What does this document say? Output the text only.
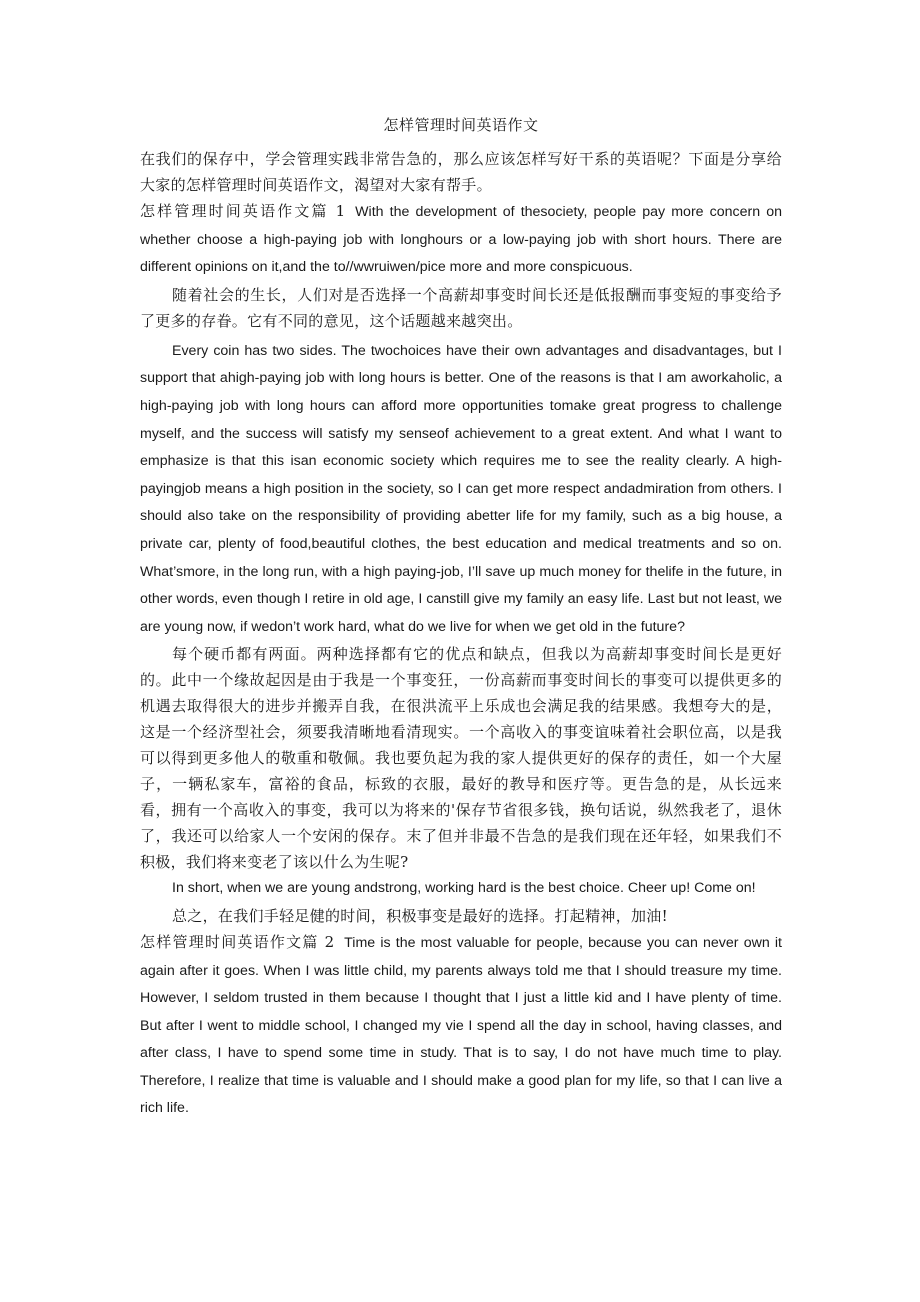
怎样管理时间英语作文

在我们的保存中，学会管理实践非常告急的，那么应该怎样写好干系的英语呢？下面是分享给大家的怎样管理时间英语作文，渴望对大家有帮手。

怎样管理时间英语作文篇 1 With the development of thesociety, people pay more concern on whether choose a high-paying job with longhours or a low-paying job with short hours. There are different opinions on it,and the to//wwruiwen/pice more and more conspicuous.

随着社会的生长，人们对是否选择一个高薪却事变时间长还是低报酬而事变短的事变给予了更多的存眷。它有不同的意见，这个话题越来越突出。

Every coin has two sides. The twochoices have their own advantages and disadvantages, but I support that ahigh-paying job with long hours is better. One of the reasons is that I am aworkaholic, a high-paying job with long hours can afford more opportunities tomake great progress to challenge myself, and the success will satisfy my senseof achievement to a great extent. And what I want to emphasize is that this isan economic society which requires me to see the reality clearly. A high-payingjob means a high position in the society, so I can get more respect andadmiration from others. I should also take on the responsibility of providing abetter life for my family, such as a big house, a private car, plenty of food,beautiful clothes, the best education and medical treatments and so on. What’smore, in the long run, with a high paying-job, I’ll save up much money for thelife in the future, in other words, even though I retire in old age, I canstill give my family an easy life. Last but not least, we are young now, if wedon’t work hard, what do we live for when we get old in the future?

每个硬币都有两面。两种选择都有它的优点和缺点，但我以为高薪却事变时间长是更好的。此中一个缘故起因是由于我是一个事变狂，一份高薪而事变时间长的事变可以提供更多的机遇去取得很大的进步并搬弄自我，在很洪流平上乐成也会满足我的结果感。我想夸大的是，这是一个经济型社会，须要我清晰地看清现实。一个高收入的事变谊味着社会职位高，以是我可以得到更多他人的敬重和敬佩。我也要负起为我的家人提供更好的保存的责任，如一个大屋子，一辆私家车，富裕的食品，标致的衣服，最好的教导和医疗等。更告急的是，从长远来看，拥有一个高收入的事变，我可以为将来的'保存节省很多钱，换句话说，纵然我老了，退休了，我还可以给家人一个安闲的保存。末了但并非最不告急的是我们现在还年轻，如果我们不积极，我们将来变老了该以什么为生呢?

In short, when we are young andstrong, working hard is the best choice. Cheer up! Come on!

总之，在我们手轻足健的时间，积极事变是最好的选择。打起精神，加油!

怎样管理时间英语作文篇 2 Time is the most valuable for people, because you can never own it again after it goes. When I was little child, my parents always told me that I should treasure my time. However, I seldom trusted in them because I thought that I just a little kid and I have plenty of time. But after I went to middle school, I changed my vie I spend all the day in school, having classes, and after class, I have to spend some time in study. That is to say, I do not have much time to play. Therefore, I realize that time is valuable and I should make a good plan for my life, so that I can live a rich life.
